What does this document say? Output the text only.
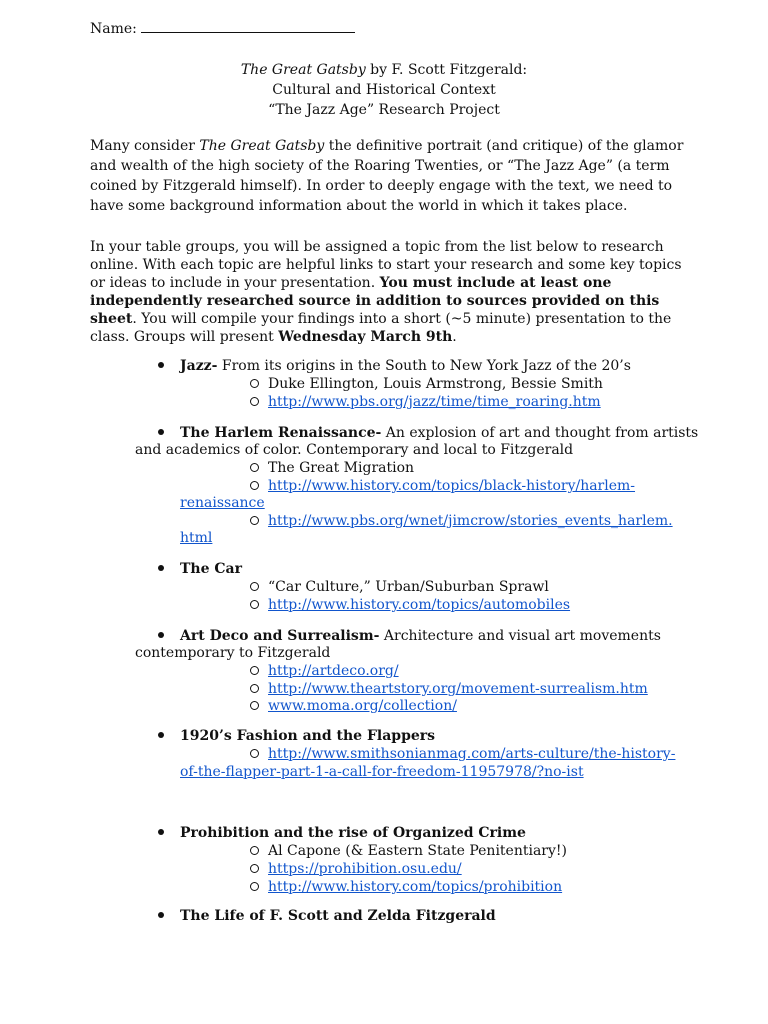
Name:
The Great Gatsby by F. Scott Fitzgerald:
Cultural and Historical Context
“The Jazz Age” Research Project
Many consider The Great Gatsby the definitive portrait (and critique) of the glamor and wealth of the high society of the Roaring Twenties, or “The Jazz Age” (a term coined by Fitzgerald himself). In order to deeply engage with the text, we need to have some background information about the world in which it takes place.
In your table groups, you will be assigned a topic from the list below to research online. With each topic are helpful links to start your research and some key topics or ideas to include in your presentation. You must include at least one independently researched source in addition to sources provided on this sheet. You will compile your findings into a short (~5 minute) presentation to the class. Groups will present Wednesday March 9th.
Jazz- From its origins in the South to New York Jazz of the 20’s
Duke Ellington, Louis Armstrong, Bessie Smith
http://www.pbs.org/jazz/time/time_roaring.htm
The Harlem Renaissance- An explosion of art and thought from artists
and academics of color. Contemporary and local to Fitzgerald
The Great Migration
http://www.history.com/topics/black-history/harlem-
renaissance
http://www.pbs.org/wnet/jimcrow/stories_events_harlem.
html
The Car
“Car Culture,” Urban/Suburban Sprawl
http://www.history.com/topics/automobiles
Art Deco and Surrealism- Architecture and visual art movements
contemporary to Fitzgerald
http://artdeco.org/
http://www.theartstory.org/movement-surrealism.htm
www.moma.org/collection/
1920’s Fashion and the Flappers
http://www.smithsonianmag.com/arts-culture/the-history-
of-the-flapper-part-1-a-call-for-freedom-11957978/?no-ist
Prohibition and the rise of Organized Crime
Al Capone (& Eastern State Penitentiary!)
https://prohibition.osu.edu/
http://www.history.com/topics/prohibition
The Life of F. Scott and Zelda Fitzgerald
